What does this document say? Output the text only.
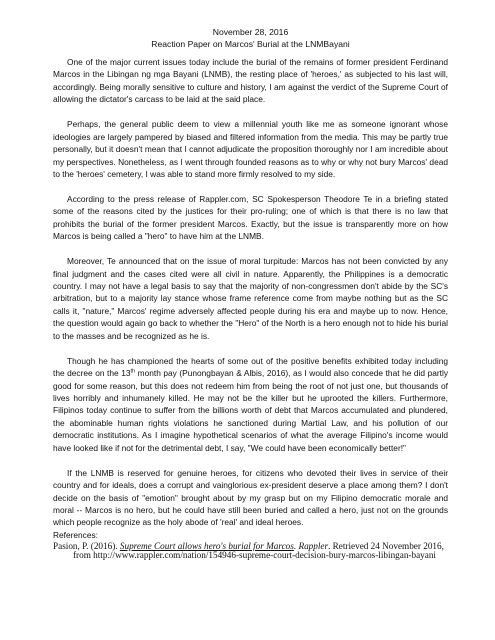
November 28, 2016
Reaction Paper on Marcos' Burial at the LNMBayani

One of the major current issues today include the burial of the remains of former president Ferdinand Marcos in the Libingan ng mga Bayani (LNMB), the resting place of 'heroes,' as subjected to his last will, accordingly. Being morally sensitive to culture and history, I am against the verdict of the Supreme Court of allowing the dictator's carcass to be laid at the said place.

Perhaps, the general public deem to view a millennial youth like me as someone ignorant whose ideologies are largely pampered by biased and filtered information from the media. This may be partly true personally, but it doesn't mean that I cannot adjudicate the proposition thoroughly nor I am incredible about my perspectives. Nonetheless, as I went through founded reasons as to why or why not bury Marcos' dead to the 'heroes' cemetery, I was able to stand more firmly resolved to my side.

According to the press release of Rappler.com, SC Spokesperson Theodore Te in a briefing stated some of the reasons cited by the justices for their pro-ruling; one of which is that there is no law that prohibits the burial of the former president Marcos. Exactly, but the issue is transparently more on how Marcos is being called a "hero" to have him at the LNMB.

Moreover, Te announced that on the issue of moral turpitude: Marcos has not been convicted by any final judgment and the cases cited were all civil in nature. Apparently, the Philippines is a democratic country. I may not have a legal basis to say that the majority of non-congressmen don't abide by the SC's arbitration, but to a majority lay stance whose frame reference come from maybe nothing but as the SC calls it, "nature," Marcos' regime adversely affected people during his era and maybe up to now. Hence, the question would again go back to whether the "Hero" of the North is a hero enough not to hide his burial to the masses and be recognized as he is.

Though he has championed the hearts of some out of the positive benefits exhibited today including the decree on the 13th month pay (Punongbayan & Albis, 2016), as I would also concede that he did partly good for some reason, but this does not redeem him from being the root of not just one, but thousands of lives horribly and inhumanely killed. He may not be the killer but he uprooted the killers. Furthermore, Filipinos today continue to suffer from the billions worth of debt that Marcos accumulated and plundered, the abominable human rights violations he sanctioned during Martial Law, and his pollution of our democratic institutions. As I imagine hypothetical scenarios of what the average Filipino's income would have looked like if not for the detrimental debt, I say, "We could have been economically better!"

If the LNMB is reserved for genuine heroes, for citizens who devoted their lives in service of their country and for ideals, does a corrupt and vainglorious ex-president deserve a place among them? I don't decide on the basis of "emotion" brought about by my grasp but on my Filipino democratic morale and moral -- Marcos is no hero, but he could have still been buried and called a hero, just not on the grounds which people recognize as the holy abode of 'real' and ideal heroes.

References:
Pasion, P. (2016). Supreme Court allows hero's burial for Marcos. Rappler. Retrieved 24 November 2016, from http://www.rappler.com/nation/154946-supreme-court-decision-bury-marcos-libingan-bayani
